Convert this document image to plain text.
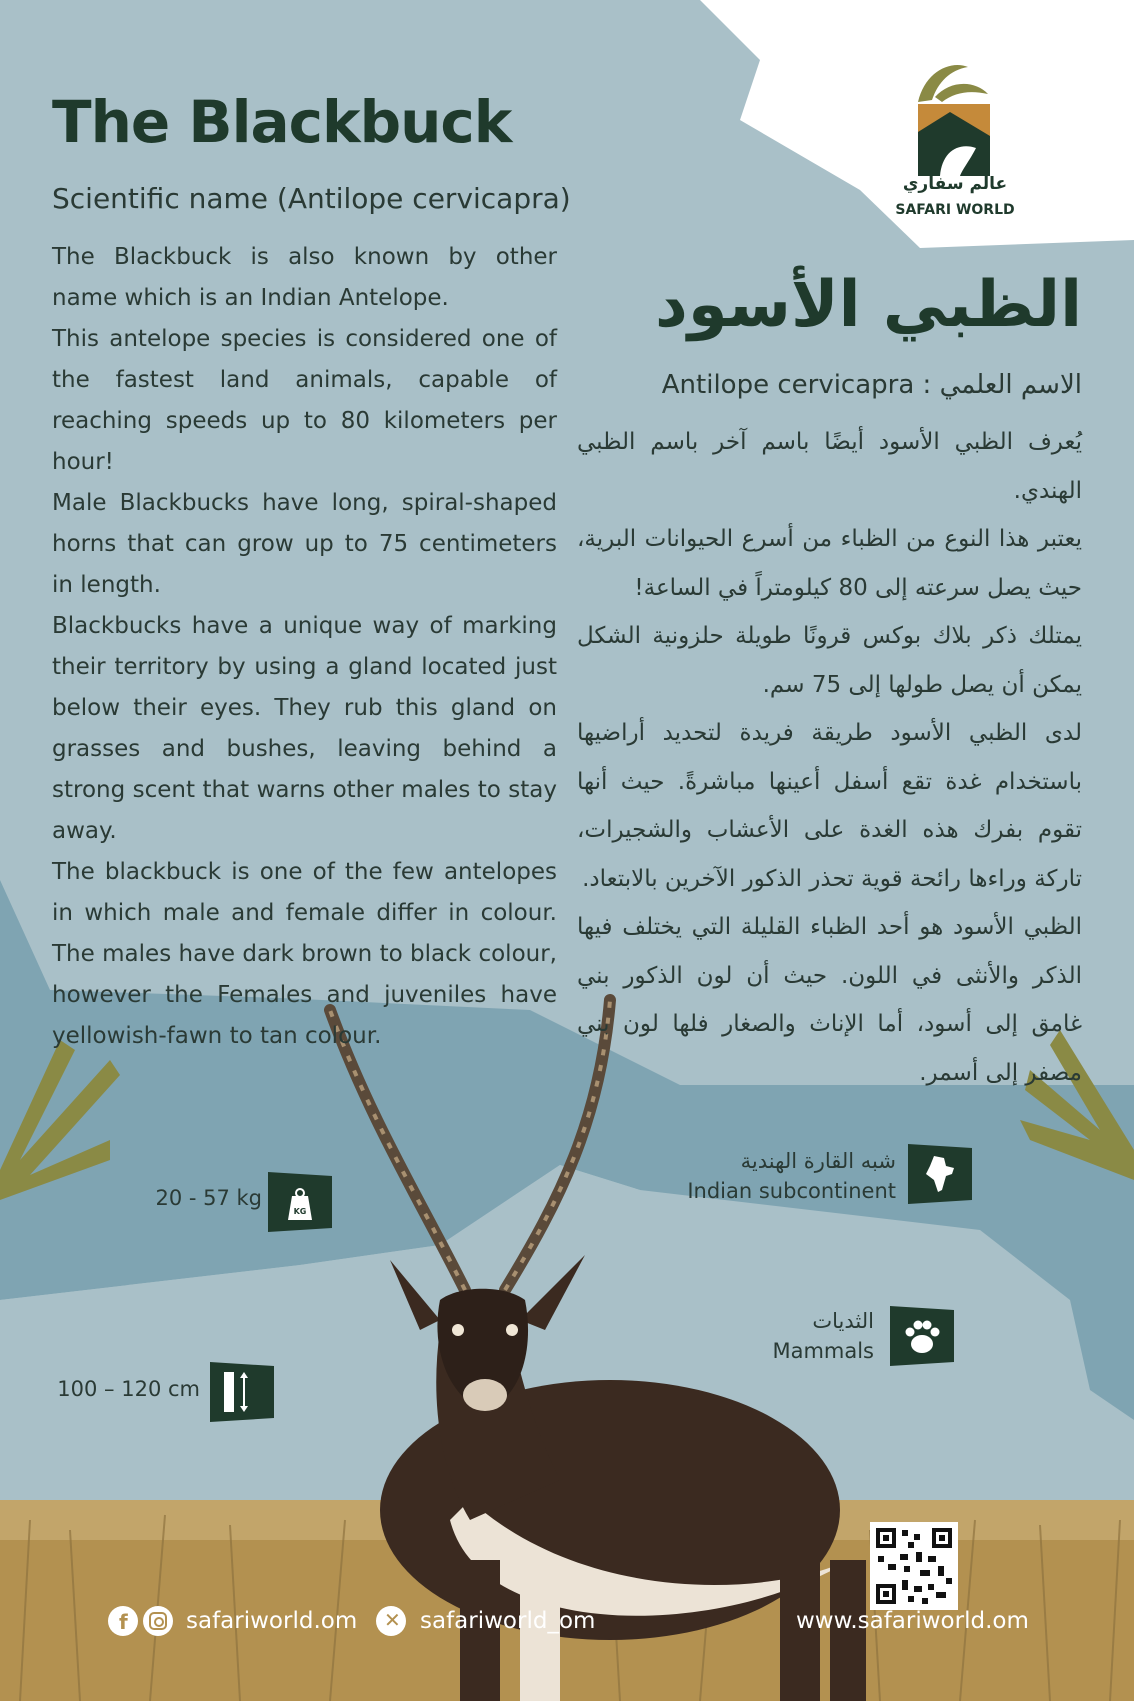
عالم سفاري
SAFARI WORLD
The Blackbuck
Scientific name (Antilope cervicapra)

The Blackbuck is also known by other name which is an Indian Antelope.

This antelope species is considered one of the fastest land animals, capable of reaching speeds up to 80 kilometers per hour!

Male Blackbucks have long, spiral-shaped horns that can grow up to 75 centimeters in length.

Blackbucks have a unique way of marking their territory by using a gland located just below their eyes. They rub this gland on grasses and bushes, leaving behind a strong scent that warns other males to stay away.

The blackbuck is one of the few antelopes in which male and female differ in colour. The males have dark brown to black colour, however the Females and juveniles have yellowish-fawn to tan colour.

الظبي الأسود
الاسم العلمي : Antilope cervicapra

يُعرف الظبي الأسود أيضًا باسم آخر باسم الظبي الهندي.

يعتبر هذا النوع من الظباء من أسرع الحيوانات البرية، حيث يصل سرعته إلى 80 كيلومتراً في الساعة!

يمتلك ذكر بلاك بوكس قرونًا طويلة حلزونية الشكل يمكن أن يصل طولها إلى 75 سم.

لدى الظبي الأسود طريقة فريدة لتحديد أراضيها باستخدام غدة تقع أسفل أعينها مباشرةً. حيث أنها تقوم بفرك هذه الغدة على الأعشاب والشجيرات، تاركة وراءها رائحة قوية تحذر الذكور الآخرين بالابتعاد.

الظبي الأسود هو أحد الظباء القليلة التي يختلف فيها الذكر والأنثى في اللون. حيث أن لون الذكور بني غامق إلى أسود، أما الإناث والصغار فلها لون بني مصفر إلى أسمر.

20 - 57 kg
KG
100 – 120 cm
شبه القارة الهندية
Indian subcontinent
الثديات
Mammals
f	safariworld.om ✕ safariworld_om	www.safariworld.om
